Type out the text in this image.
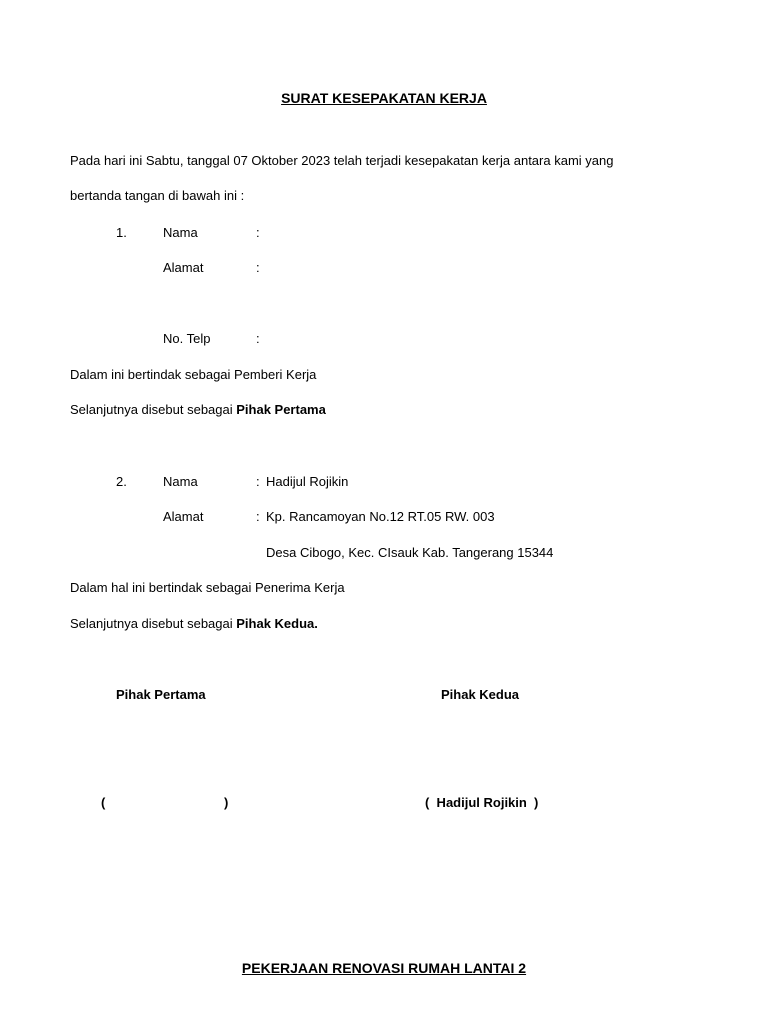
SURAT KESEPAKATAN KERJA
Pada hari ini Sabtu, tanggal 07 Oktober 2023 telah terjadi kesepakatan kerja antara kami yang
bertanda tangan di bawah ini :
1.	Nama	:
Alamat	:
No. Telp	:
Dalam ini bertindak sebagai Pemberi Kerja
Selanjutnya disebut sebagai Pihak Pertama
2.	Nama	: Hadijul Rojikin
Alamat	: Kp. Rancamoyan No.12 RT.05 RW. 003
Desa Cibogo, Kec. CIsauk Kab. Tangerang 15344
Dalam hal ini bertindak sebagai Penerima Kerja
Selanjutnya disebut sebagai Pihak Kedua.
Pihak Pertama	Pihak Kedua
(	)	(  Hadijul Rojikin  )
PEKERJAAN RENOVASI RUMAH LANTAI 2
